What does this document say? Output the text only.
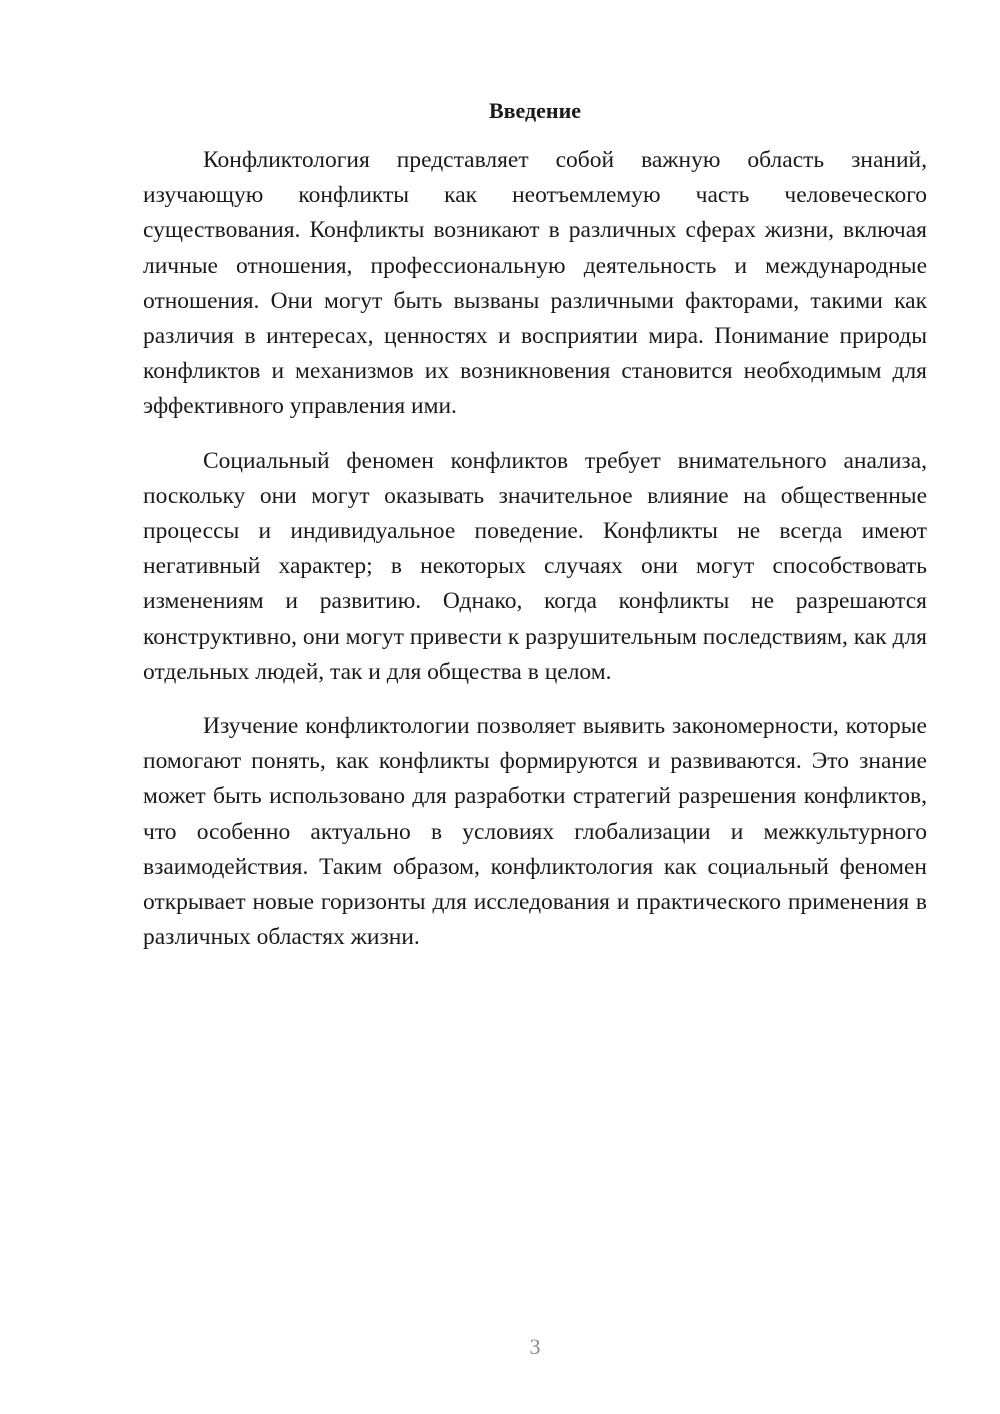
Введение

Конфликтология представляет собой важную область знаний, изучающую конфликты как неотъемлемую часть человеческого существования. Конфликты возникают в различных сферах жизни, включая личные отношения, профессиональную деятельность и международные отношения. Они могут быть вызваны различными факторами, такими как различия в интересах, ценностях и восприятии мира. Понимание природы конфликтов и механизмов их возникновения становится необходимым для эффективного управления ими.

Социальный феномен конфликтов требует внимательного анализа, поскольку они могут оказывать значительное влияние на общественные процессы и индивидуальное поведение. Конфликты не всегда имеют негативный характер; в некоторых случаях они могут способствовать изменениям и развитию. Однако, когда конфликты не разрешаются конструктивно, они могут привести к разрушительным последствиям, как для отдельных людей, так и для общества в целом.

Изучение конфликтологии позволяет выявить закономерности, которые помогают понять, как конфликты формируются и развиваются. Это знание может быть использовано для разработки стратегий разрешения конфликтов, что особенно актуально в условиях глобализации и межкультурного взаимодействия. Таким образом, конфликтология как социальный феномен открывает новые горизонты для исследования и практического применения в различных областях жизни.

3
